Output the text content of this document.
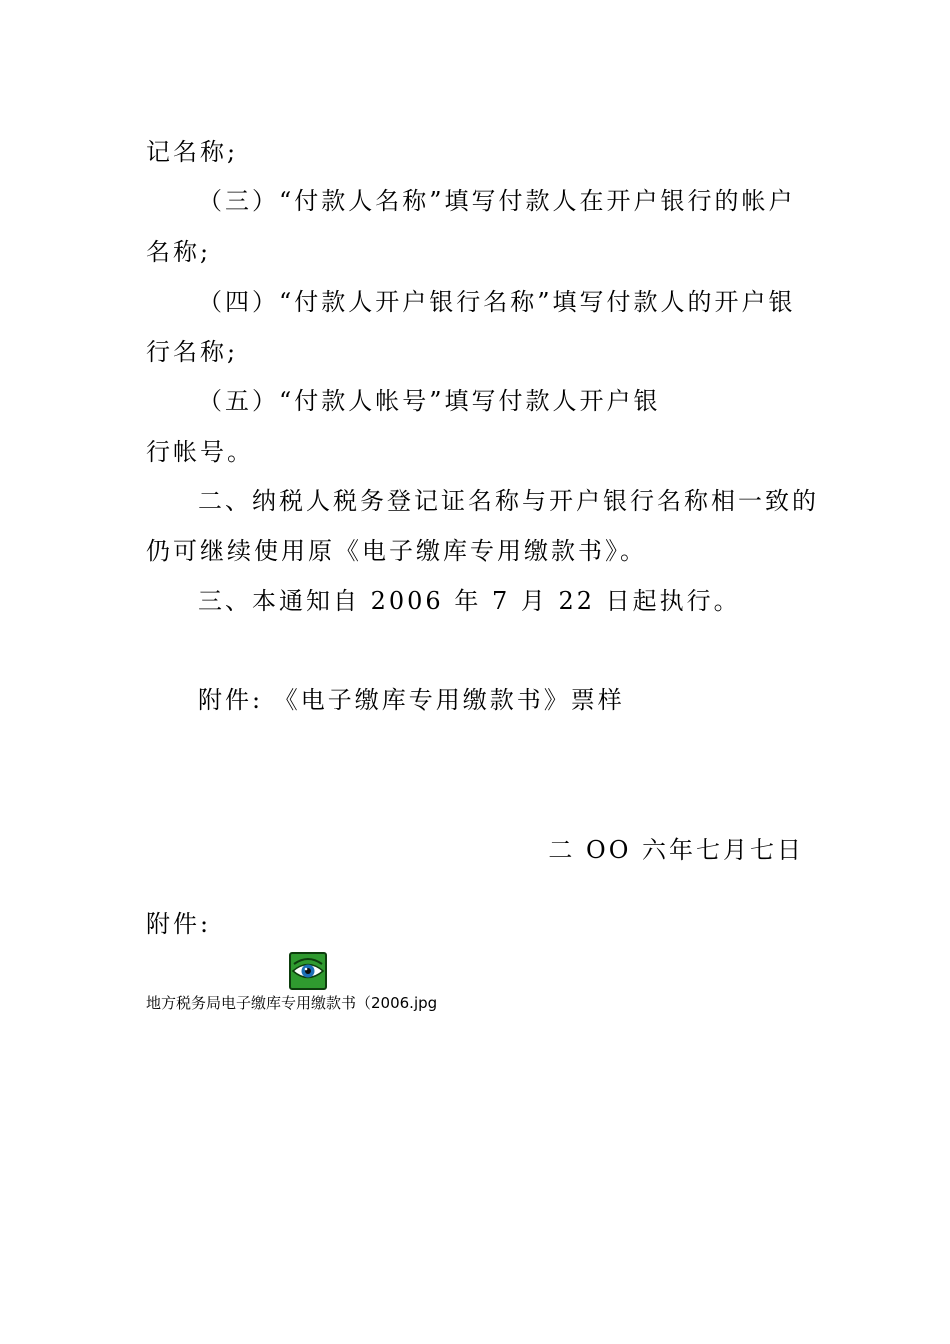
记名称;

（三）“付款人名称”填写付款人在开户银行的帐户

名称;

（四）“付款人开户银行名称”填写付款人的开户银

行名称;

（五）“付款人帐号”填写付款人开户银

行帐号。

二、纳税人税务登记证名称与开户银行名称相一致的

仍可继续使用原《电子缴库专用缴款书》。

三、本通知自 2006 年 7 月 22 日起执行。

附件: 《电子缴库专用缴款书》票样

二 OO 六年七月七日

附件:

地方税务局电子缴库专用缴款书（2006.jpg
